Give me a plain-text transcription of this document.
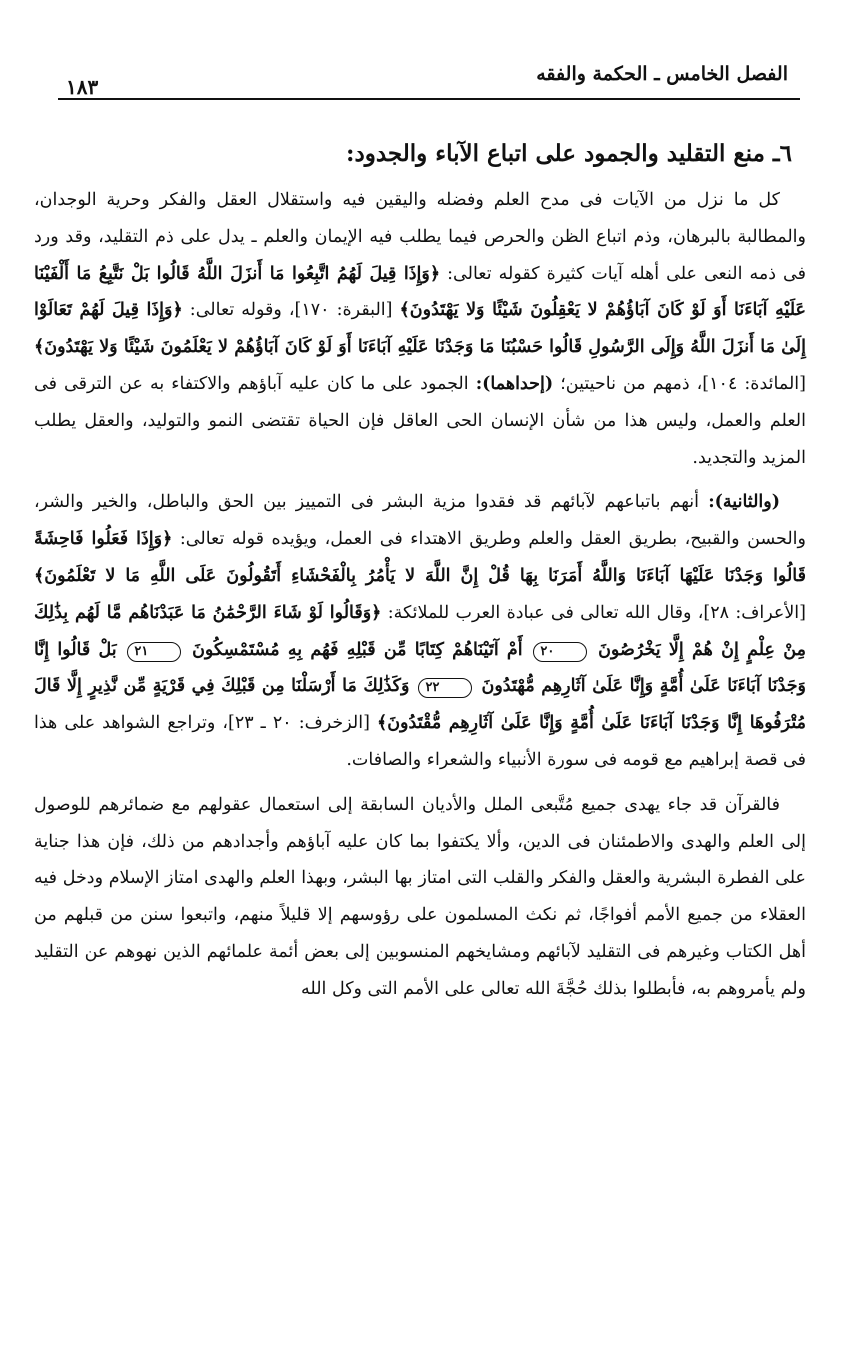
الفصل الخامس ـ الحكمة والفقه
١٨٣
٦ـ منع التقليد والجمود على اتباع الآباء والجدود:

كل ما نزل من الآيات فى مدح العلم وفضله واليقين فيه واستقلال العقل والفكر وحرية الوجدان، والمطالبة بالبرهان، وذم اتباع الظن والحرص فيما يطلب فيه الإيمان والعلم ـ يدل على ذم التقليد، وقد ورد فى ذمه النعى على أهله آيات كثيرة كقوله تعالى: ﴿وَإِذَا قِيلَ لَهُمُ اتَّبِعُوا مَا أَنزَلَ اللَّهُ قَالُوا بَلْ نَتَّبِعُ مَا أَلْفَيْنَا عَلَيْهِ آبَاءَنَا أَوَ لَوْ كَانَ آبَاؤُهُمْ لا يَعْقِلُونَ شَيْئًا وَلا يَهْتَدُونَ﴾ [البقرة: ١٧٠]، وقوله تعالى: ﴿وَإِذَا قِيلَ لَهُمْ تَعَالَوْا إِلَىٰ مَا أَنزَلَ اللَّهُ وَإِلَى الرَّسُولِ قَالُوا حَسْبُنَا مَا وَجَدْنَا عَلَيْهِ آبَاءَنَا أَوَ لَوْ كَانَ آبَاؤُهُمْ لا يَعْلَمُونَ شَيْئًا وَلا يَهْتَدُونَ﴾ [المائدة: ١٠٤]، ذمهم من ناحيتين؛ (إحداهما): الجمود على ما كان عليه آباؤهم والاكتفاء به عن الترقى فى العلم والعمل، وليس هذا من شأن الإنسان الحى العاقل فإن الحياة تقتضى النمو والتوليد، والعقل يطلب المزيد والتجديد.

(والثانية): أنهم باتباعهم لآبائهم قد فقدوا مزية البشر فى التمييز بين الحق والباطل، والخير والشر، والحسن والقبيح، بطريق العقل والعلم وطريق الاهتداء فى العمل، ويؤيده قوله تعالى: ﴿وَإِذَا فَعَلُوا فَاحِشَةً قَالُوا وَجَدْنَا عَلَيْهَا آبَاءَنَا وَاللَّهُ أَمَرَنَا بِهَا قُلْ إِنَّ اللَّهَ لا يَأْمُرُ بِالْفَحْشَاءِ أَتَقُولُونَ عَلَى اللَّهِ مَا لا تَعْلَمُونَ﴾ [الأعراف: ٢٨]، وقال الله تعالى فى عبادة العرب للملائكة: ﴿وَقَالُوا لَوْ شَاءَ الرَّحْمَٰنُ مَا عَبَدْنَاهُم مَّا لَهُم بِذَٰلِكَ مِنْ عِلْمٍ إِنْ هُمْ إِلَّا يَخْرُصُونَ ٢٠ أَمْ آتَيْنَاهُمْ كِتَابًا مِّن قَبْلِهِ فَهُم بِهِ مُسْتَمْسِكُونَ ٢١ بَلْ قَالُوا إِنَّا وَجَدْنَا آبَاءَنَا عَلَىٰ أُمَّةٍ وَإِنَّا عَلَىٰ آثَارِهِم مُّهْتَدُونَ ٢٢ وَكَذَٰلِكَ مَا أَرْسَلْنَا مِن قَبْلِكَ فِي قَرْيَةٍ مِّن نَّذِيرٍ إِلَّا قَالَ مُتْرَفُوهَا إِنَّا وَجَدْنَا آبَاءَنَا عَلَىٰ أُمَّةٍ وَإِنَّا عَلَىٰ آثَارِهِم مُّقْتَدُونَ﴾ [الزخرف: ٢٠ ـ ٢٣]، وتراجع الشواهد على هذا فى قصة إبراهيم مع قومه فى سورة الأنبياء والشعراء والصافات.

فالقرآن قد جاء يهدى جميع مُتَّبعى الملل والأديان السابقة إلى استعمال عقولهم مع ضمائرهم للوصول إلى العلم والهدى والاطمئنان فى الدين، وألا يكتفوا بما كان عليه آباؤهم وأجدادهم من ذلك، فإن هذا جناية على الفطرة البشرية والعقل والفكر والقلب التى امتاز بها البشر، وبهذا العلم والهدى امتاز الإسلام ودخل فيه العقلاء من جميع الأمم أفواجًا، ثم نكث المسلمون على رؤوسهم إلا قليلاً منهم، واتبعوا سنن من قبلهم من أهل الكتاب وغيرهم فى التقليد لآبائهم ومشايخهم المنسوبين إلى بعض أئمة علمائهم الذين نهوهم عن التقليد ولم يأمروهم به، فأبطلوا بذلك حُجَّةَ الله تعالى على الأمم التى وكل الله
